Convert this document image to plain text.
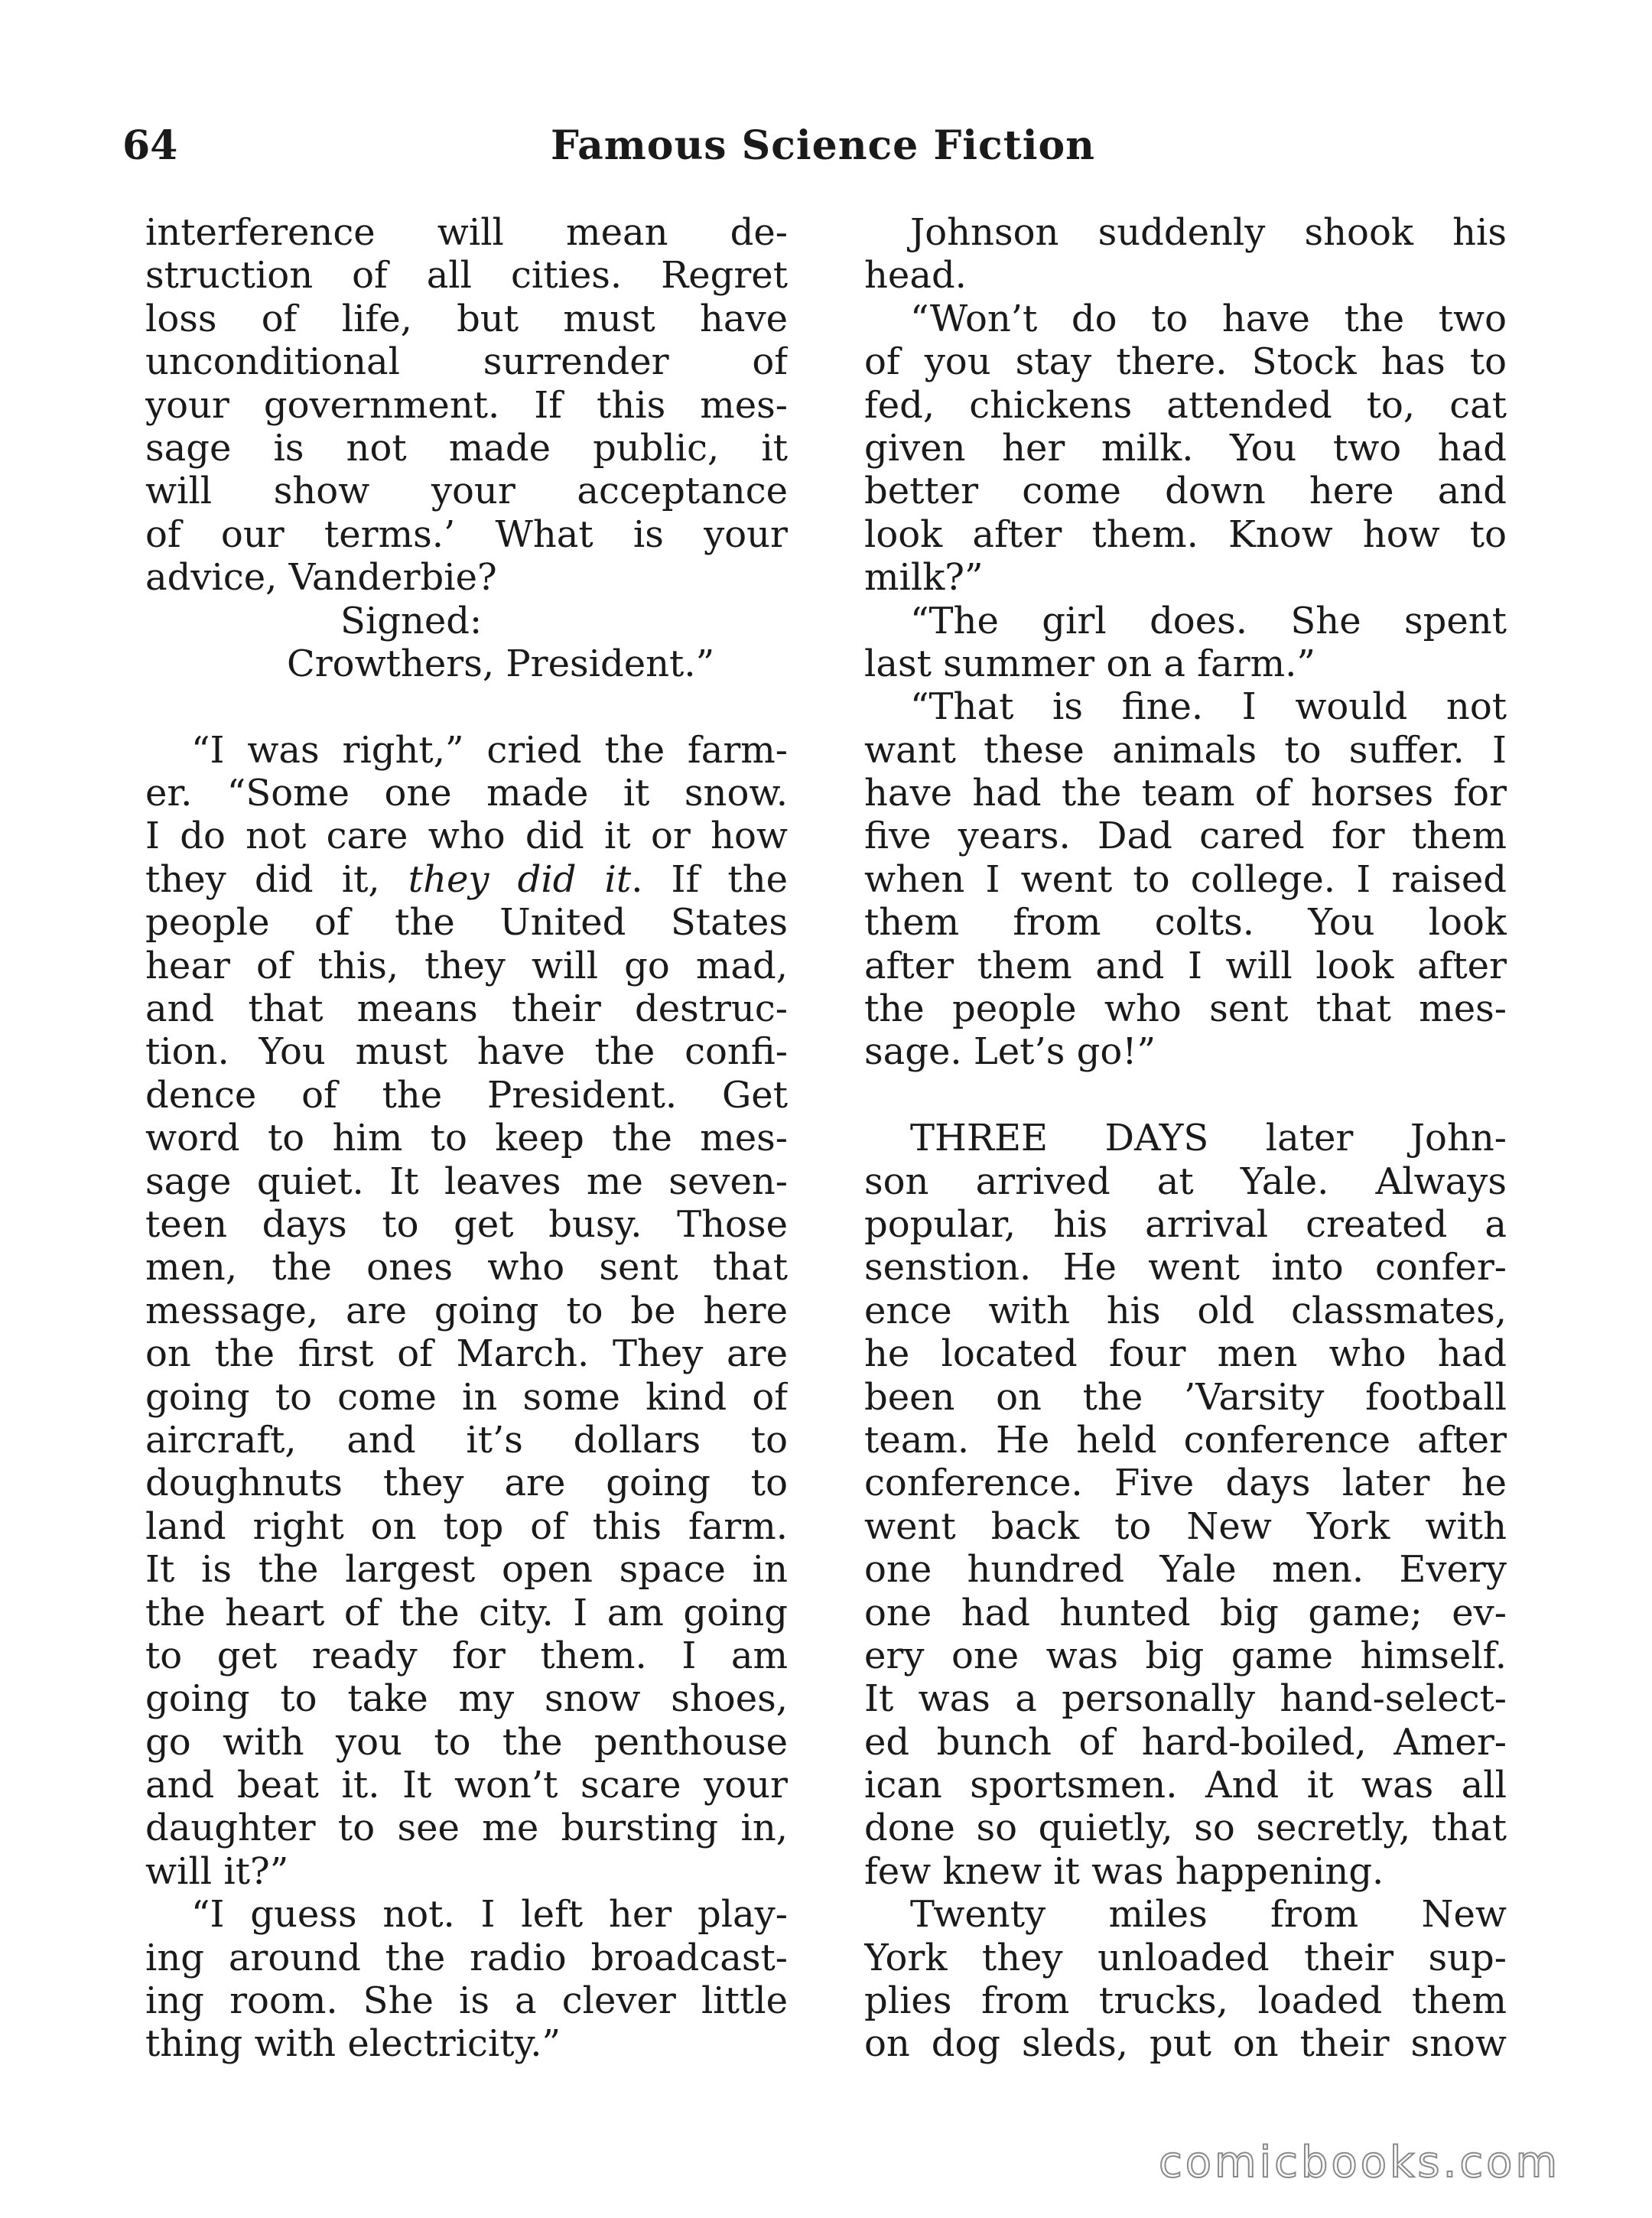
64	Famous Science Fiction
interference will mean de-
struction of all cities. Regret
loss of life, but must have
unconditional surrender of
your government. If this mes-
sage is not made public, it
will show your acceptance
of our terms.’ What is your
advice, Vanderbie?
Signed:
Crowthers, President.”
“I was right,” cried the farm-
er. “Some one made it snow.
I do not care who did it or how
they did it, they did it. If the
people of the United States
hear of this, they will go mad,
and that means their destruc-
tion. You must have the confi-
dence of the President. Get
word to him to keep the mes-
sage quiet. It leaves me seven-
teen days to get busy. Those
men, the ones who sent that
message, are going to be here
on the first of March. They are
going to come in some kind of
aircraft, and it’s dollars to
doughnuts they are going to
land right on top of this farm.
It is the largest open space in
the heart of the city. I am going
to get ready for them. I am
going to take my snow shoes,
go with you to the penthouse
and beat it. It won’t scare your
daughter to see me bursting in,
will it?”
“I guess not. I left her play-
ing around the radio broadcast-
ing room. She is a clever little
thing with electricity.”
Johnson suddenly shook his
head.
“Won’t do to have the two
of you stay there. Stock has to
fed, chickens attended to, cat
given her milk. You two had
better come down here and
look after them. Know how to
milk?”
“The girl does. She spent
last summer on a farm.”
“That is fine. I would not
want these animals to suffer. I
have had the team of horses for
five years. Dad cared for them
when I went to college. I raised
them from colts. You look
after them and I will look after
the people who sent that mes-
sage. Let’s go!”
THREE DAYS later John-
son arrived at Yale. Always
popular, his arrival created a
senstion. He went into confer-
ence with his old classmates,
he located four men who had
been on the ’Varsity football
team. He held conference after
conference. Five days later he
went back to New York with
one hundred Yale men. Every
one had hunted big game; ev-
ery one was big game himself.
It was a personally hand-select-
ed bunch of hard-boiled, Amer-
ican sportsmen. And it was all
done so quietly, so secretly, that
few knew it was happening.
Twenty miles from New
York they unloaded their sup-
plies from trucks, loaded them
on dog sleds, put on their snow
comicbooks.com
